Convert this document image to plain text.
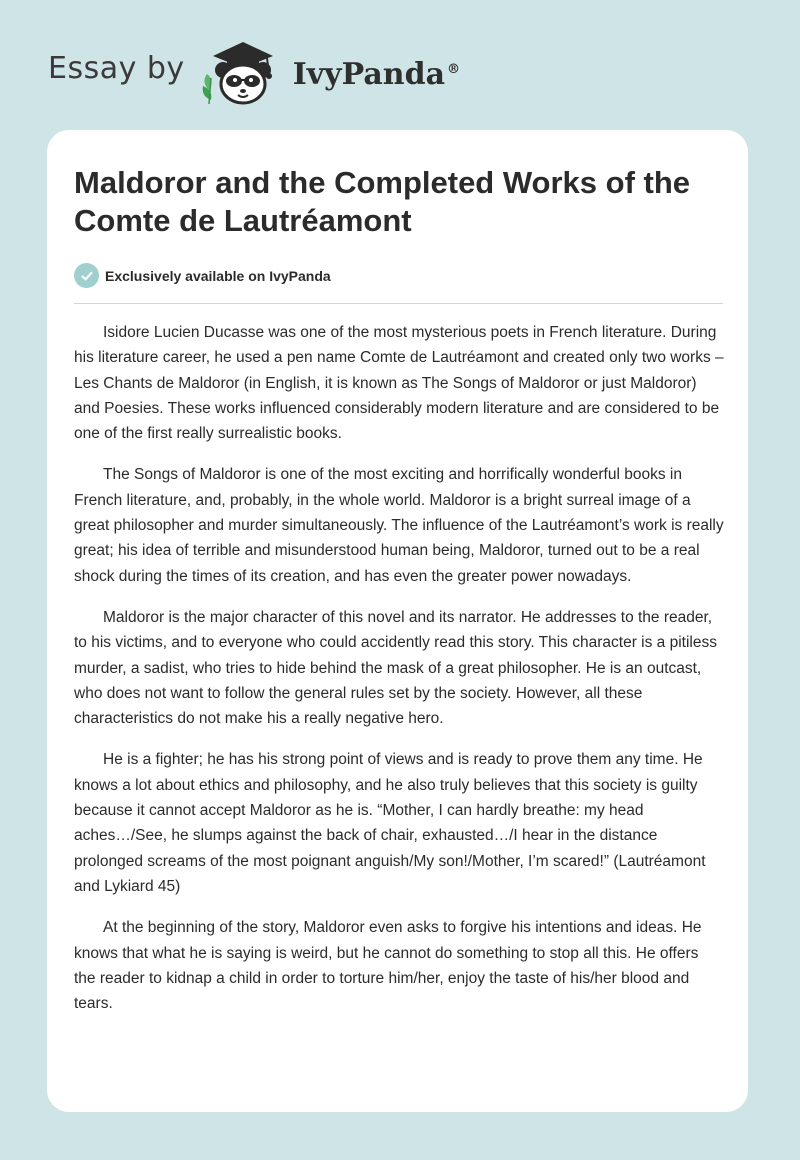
Essay by	IvyPanda ®
Maldoror and the Completed Works of the Comte de Lautréamont
Exclusively available on IvyPanda

Isidore Lucien Ducasse was one of the most mysterious poets in French literature. During his literature career, he used a pen name Comte de Lautréamont and created only two works – Les Chants de Maldoror (in English, it is known as The Songs of Maldoror or just Maldoror) and Poesies. These works influenced considerably modern literature and are considered to be one of the first really surrealistic books.

The Songs of Maldoror is one of the most exciting and horrifically wonderful books in French literature, and, probably, in the whole world. Maldoror is a bright surreal image of a great philosopher and murder simultaneously. The influence of the Lautréamont’s work is really great; his idea of terrible and misunderstood human being, Maldoror, turned out to be a real shock during the times of its creation, and has even the greater power nowadays.

Maldoror is the major character of this novel and its narrator. He addresses to the reader, to his victims, and to everyone who could accidently read this story. This character is a pitiless murder, a sadist, who tries to hide behind the mask of a great philosopher. He is an outcast, who does not want to follow the general rules set by the society. However, all these characteristics do not make his a really negative hero.

He is a fighter; he has his strong point of views and is ready to prove them any time. He knows a lot about ethics and philosophy, and he also truly believes that this society is guilty because it cannot accept Maldoror as he is. “Mother, I can hardly breathe: my head aches…/See, he slumps against the back of chair, exhausted…/I hear in the distance prolonged screams of the most poignant anguish/My son!/Mother, I’m scared!” (Lautréamont and Lykiard 45)

At the beginning of the story, Maldoror even asks to forgive his intentions and ideas. He knows that what he is saying is weird, but he cannot do something to stop all this. He offers the reader to kidnap a child in order to torture him/her, enjoy the taste of his/her blood and tears.
